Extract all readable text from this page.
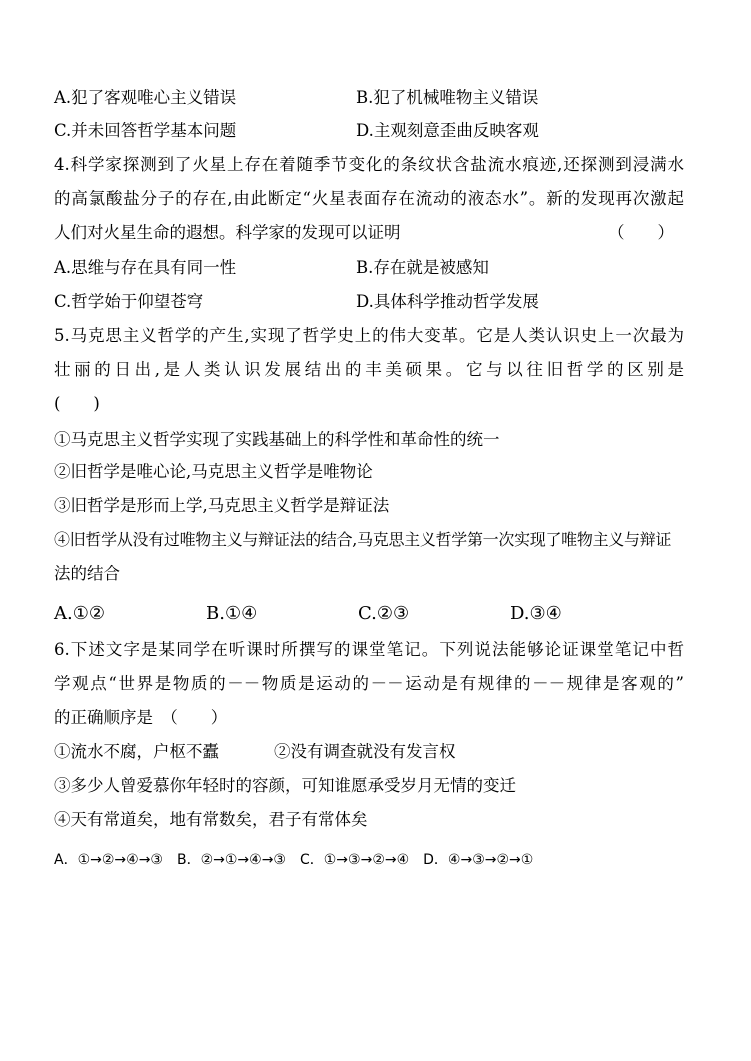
A.犯了客观唯心主义错误	B.犯了机械唯物主义错误
C.并未回答哲学基本问题	D.主观刻意歪曲反映客观
4.科学家探测到了火星上存在着随季节变化的条纹状含盐流水痕迹,还探测到浸满水
的高氯酸盐分子的存在,由此断定“火星表面存在流动的液态水”。新的发现再次激起
人们对火星生命的遐想。科学家的发现可以证明	（　　）
A.思维与存在具有同一性	B.存在就是被感知
C.哲学始于仰望苍穹	D.具体科学推动哲学发展
5.马克思主义哲学的产生,实现了哲学史上的伟大变革。它是人类认识史上一次最为
壮丽的日出,是人类认识发展结出的丰美硕果。它与以往旧哲学的区别是
(　　)
①马克思主义哲学实现了实践基础上的科学性和革命性的统一
②旧哲学是唯心论,马克思主义哲学是唯物论
③旧哲学是形而上学,马克思主义哲学是辩证法
④旧哲学从没有过唯物主义与辩证法的结合,马克思主义哲学第一次实现了唯物主义与辩证
法的结合
A.①②	B.①④	C.②③	D.③④
6.下述文字是某同学在听课时所撰写的课堂笔记。下列说法能够论证课堂笔记中哲
学观点“世界是物质的－－物质是运动的－－运动是有规律的－－规律是客观的”
的正确顺序是　（　　）
①流水不腐，户枢不蠹	②没有调查就没有发言权
③多少人曾爱慕你年轻时的容颜，可知谁愿承受岁月无情的变迁
④天有常道矣，地有常数矣，君子有常体矣
A．①→②→④→③ B．②→①→④→③ C．①→③→②→④ D．④→③→②→①
